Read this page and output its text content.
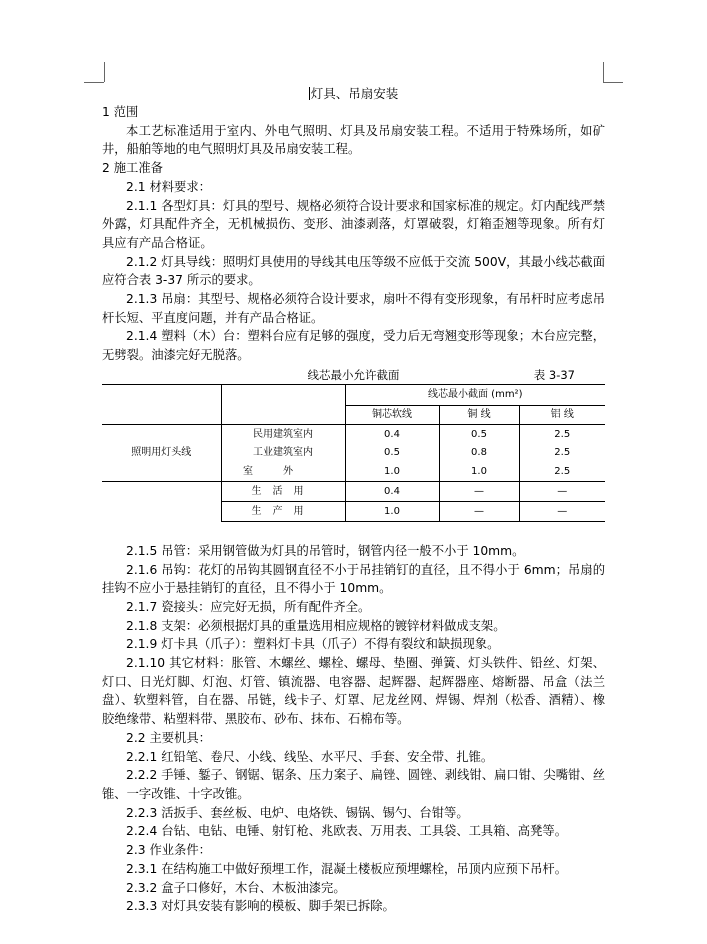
灯具、吊扇安装

1 范围

本工艺标准适用于室内、外电气照明、灯具及吊扇安装工程。不适用于特殊场所，如矿井，船舶等地的电气照明灯具及吊扇安装工程。

2 施工准备

2.1 材料要求：

2.1.1 各型灯具：灯具的型号、规格必须符合设计要求和国家标准的规定。灯内配线严禁外露，灯具配件齐全，无机械损伤、变形、油漆剥落，灯罩破裂，灯箱歪翘等现象。所有灯具应有产品合格证。

2.1.2 灯具导线：照明灯具使用的导线其电压等级不应低于交流 500V，其最小线芯截面应符合表 3-37 所示的要求。

2.1.3 吊扇：其型号、规格必须符合设计要求，扇叶不得有变形现象，有吊杆时应考虑吊杆长短、平直度问题，并有产品合格证。

2.1.4 塑料（木）台：塑料台应有足够的强度，受力后无弯翘变形等现象；木台应完整，无劈裂。油漆完好无脱落。

线芯最小允许截面	表 3-37
		线芯最小截面 (mm²)		
		铜芯软线	铜 线	铝 线
照明用灯头线	民用建筑室内	0.4	0.5	2.5
	工业建筑室内	0.5	0.8	2.5
	室外	1.0	1.0	2.5
	生活用	0.4	—	—
	生产用	1.0	—	—

2.1.5 吊管：采用钢管做为灯具的吊管时，钢管内径一般不小于 10mm。

2.1.6 吊钩：花灯的吊钩其圆钢直径不小于吊挂销钉的直径，且不得小于 6mm；吊扇的挂钩不应小于悬挂销钉的直径，且不得小于 10mm。

2.1.7 瓷接头：应完好无损，所有配件齐全。

2.1.8 支架：必须根据灯具的重量选用相应规格的镀锌材料做成支架。

2.1.9 灯卡具（爪子）：塑料灯卡具（爪子）不得有裂纹和缺损现象。

2.1.10 其它材料：胀管、木螺丝、螺栓、螺母、垫圈、弹簧、灯头铁件、铅丝、灯架、灯口、日光灯脚、灯泡、灯管、镇流器、电容器、起辉器、起辉器座、熔断器、吊盒（法兰盘）、软塑料管，自在器、吊链，线卡子、灯罩、尼龙丝网、焊锡、焊剂（松香、酒精）、橡胶绝缘带、粘塑料带、黑胶布、砂布、抹布、石棉布等。

2.2 主要机具：

2.2.1 红铅笔、卷尺、小线、线坠、水平尺、手套、安全带、扎锥。

2.2.2 手锤、錾子、钢锯、锯条、压力案子、扁锉、圆锉、剥线钳、扁口钳、尖嘴钳、丝锥、一字改锥、十字改锥。

2.2.3 活扳手、套丝板、电炉、电烙铁、锡锅、锡勺、台钳等。

2.2.4 台钻、电钻、电锤、射钉枪、兆欧表、万用表、工具袋、工具箱、高凳等。

2.3 作业条件：

2.3.1 在结构施工中做好预埋工作，混凝土楼板应预埋螺栓，吊顶内应预下吊杆。

2.3.2 盒子口修好，木台、木板油漆完。

2.3.3 对灯具安装有影响的模板、脚手架已拆除。
